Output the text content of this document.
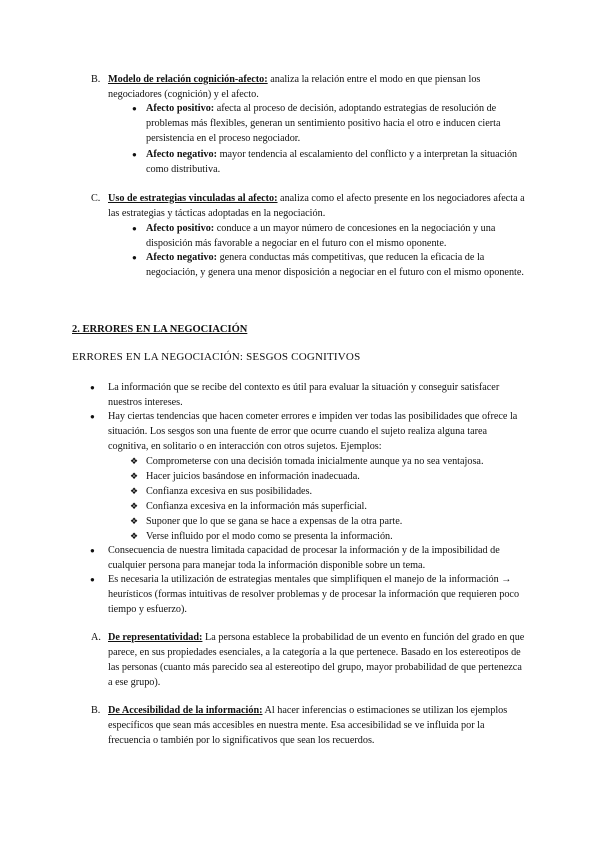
B. Modelo de relación cognición-afecto: analiza la relación entre el modo en que piensan los negociadores (cognición) y el afecto.

● Afecto positivo: afecta al proceso de decisión, adoptando estrategias de resolución de problemas más flexibles, generan un sentimiento positivo hacia el otro e inducen cierta persistencia en el proceso negociador.

● Afecto negativo: mayor tendencia al escalamiento del conflicto y a interpretan la situación como distributiva.

C. Uso de estrategias vinculadas al afecto: analiza como el afecto presente en los negociadores afecta a las estrategias y tácticas adoptadas en la negociación.

● Afecto positivo: conduce a un mayor número de concesiones en la negociación y una disposición más favorable a negociar en el futuro con el mismo oponente.

● Afecto negativo: genera conductas más competitivas, que reducen la eficacia de la negociación, y genera una menor disposición a negociar en el futuro con el mismo oponente.

2. ERRORES EN LA NEGOCIACIÓN

ERRORES EN LA NEGOCIACIÓN: SESGOS COGNITIVOS

● La información que se recibe del contexto es útil para evaluar la situación y conseguir satisfacer nuestros intereses.

● Hay ciertas tendencias que hacen cometer errores e impiden ver todas las posibilidades que ofrece la situación. Los sesgos son una fuente de error que ocurre cuando el sujeto realiza alguna tarea cognitiva, en solitario o en interacción con otros sujetos. Ejemplos:

❖ Comprometerse con una decisión tomada inicialmente aunque ya no sea ventajosa.

❖ Hacer juicios basándose en información inadecuada.

❖ Confianza excesiva en sus posibilidades.

❖ Confianza excesiva en la información más superficial.

❖ Suponer que lo que se gana se hace a expensas de la otra parte.

❖ Verse influido por el modo como se presenta la información.

● Consecuencia de nuestra limitada capacidad de procesar la información y de la imposibilidad de cualquier persona para manejar toda la información disponible sobre un tema.

● Es necesaria la utilización de estrategias mentales que simplifiquen el manejo de la información → heurísticos (formas intuitivas de resolver problemas y de procesar la información que requieren poco tiempo y esfuerzo).

A. De representatividad: La persona establece la probabilidad de un evento en función del grado en que parece, en sus propiedades esenciales, a la categoría a la que pertenece. Basado en los estereotipos de las personas (cuanto más parecido sea al estereotipo del grupo, mayor probabilidad de que pertenezca a ese grupo).

B. De Accesibilidad de la información: Al hacer inferencias o estimaciones se utilizan los ejemplos específicos que sean más accesibles en nuestra mente. Esa accesibilidad se ve influida por la frecuencia o también por lo significativos que sean los recuerdos.
